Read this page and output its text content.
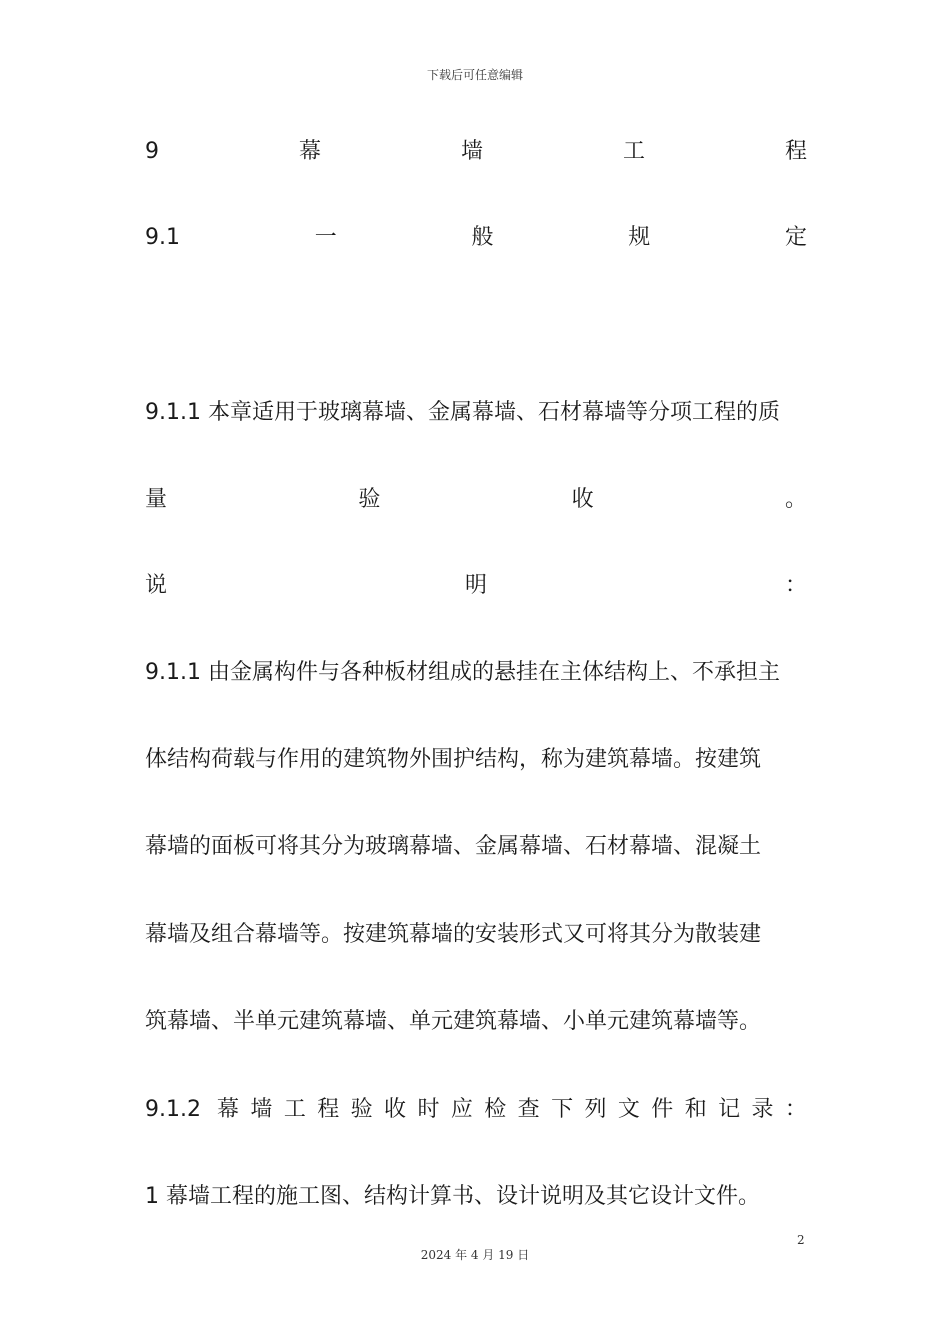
下载后可任意编辑
9	幕	墙	工	程
9.1	一	般	规	定
9.1.1 本章适用于玻璃幕墙、金属幕墙、石材幕墙等分项工程的质
量	验	收	。
说	明	：
9.1.1 由金属构件与各种板材组成的悬挂在主体结构上、不承担主
体结构荷载与作用的建筑物外围护结构，称为建筑幕墙。按建筑
幕墙的面板可将其分为玻璃幕墙、金属幕墙、石材幕墙、混凝土
幕墙及组合幕墙等。按建筑幕墙的安装形式又可将其分为散装建
筑幕墙、半单元建筑幕墙、单元建筑幕墙、小单元建筑幕墙等。
9.1.2 幕 墙 工 程 验 收 时 应 检 查 下 列 文 件 和 记 录 ：
1 幕墙工程的施工图、结构计算书、设计说明及其它设计文件。
2
2024 年 4 月 19 日
